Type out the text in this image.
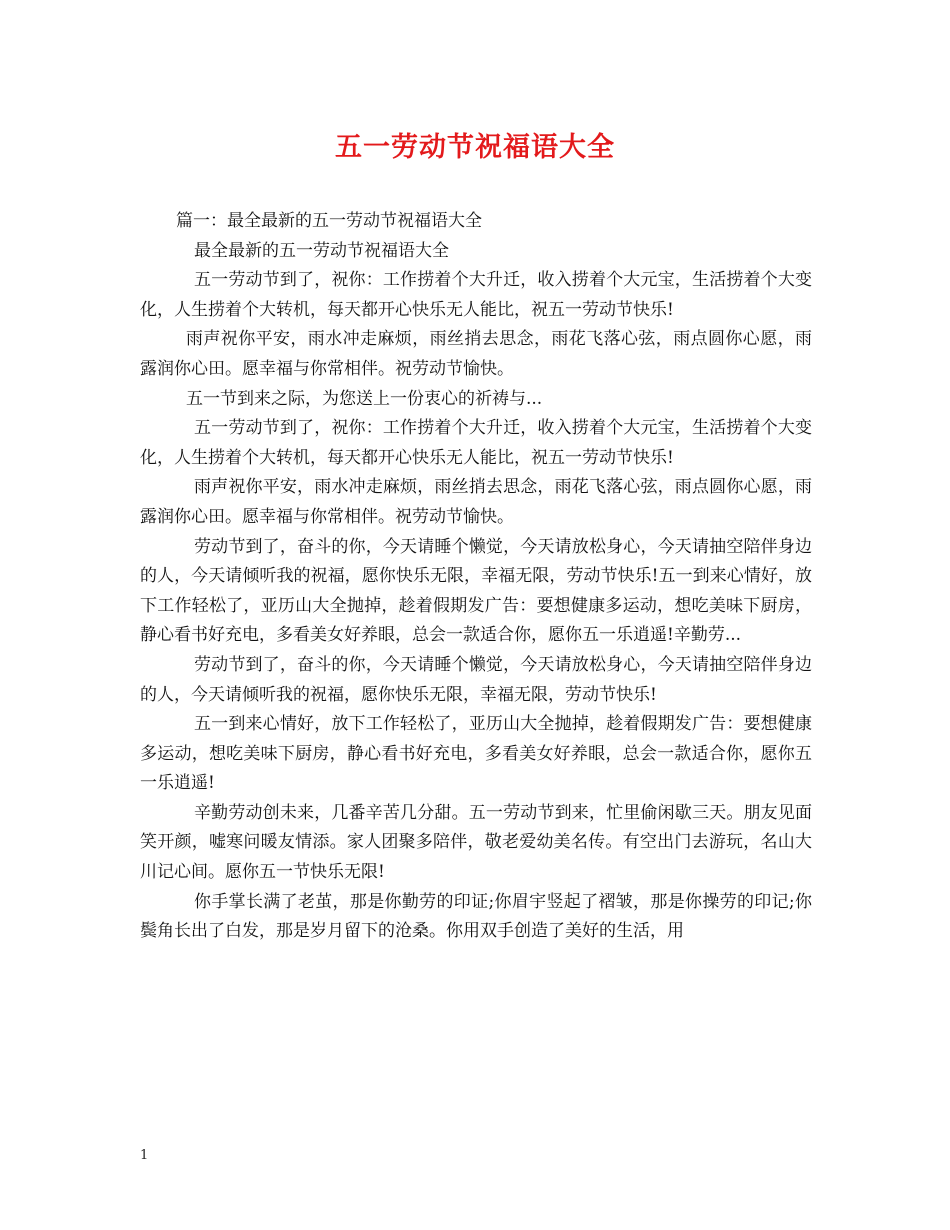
五一劳动节祝福语大全

篇一：最全最新的五一劳动节祝福语大全

最全最新的五一劳动节祝福语大全

五一劳动节到了，祝你：工作捞着个大升迁，收入捞着个大元宝，生活捞着个大变化，人生捞着个大转机，每天都开心快乐无人能比，祝五一劳动节快乐!

雨声祝你平安，雨水冲走麻烦，雨丝捎去思念，雨花飞落心弦，雨点圆你心愿，雨露润你心田。愿幸福与你常相伴。祝劳动节愉快。

五一节到来之际，为您送上一份衷心的祈祷与...

五一劳动节到了，祝你：工作捞着个大升迁，收入捞着个大元宝，生活捞着个大变化，人生捞着个大转机，每天都开心快乐无人能比，祝五一劳动节快乐!

雨声祝你平安，雨水冲走麻烦，雨丝捎去思念，雨花飞落心弦，雨点圆你心愿，雨露润你心田。愿幸福与你常相伴。祝劳动节愉快。

劳动节到了，奋斗的你，今天请睡个懒觉，今天请放松身心，今天请抽空陪伴身边的人，今天请倾听我的祝福，愿你快乐无限，幸福无限，劳动节快乐!五一到来心情好，放下工作轻松了，亚历山大全抛掉，趁着假期发广告：要想健康多运动，想吃美味下厨房，静心看书好充电，多看美女好养眼，总会一款适合你，愿你五一乐逍遥!辛勤劳...

劳动节到了，奋斗的你，今天请睡个懒觉，今天请放松身心，今天请抽空陪伴身边的人，今天请倾听我的祝福，愿你快乐无限，幸福无限，劳动节快乐!

五一到来心情好，放下工作轻松了，亚历山大全抛掉，趁着假期发广告：要想健康多运动，想吃美味下厨房，静心看书好充电，多看美女好养眼，总会一款适合你，愿你五一乐逍遥!

辛勤劳动创未来，几番辛苦几分甜。五一劳动节到来，忙里偷闲歇三天。朋友见面笑开颜，嘘寒问暖友情添。家人团聚多陪伴，敬老爱幼美名传。有空出门去游玩，名山大川记心间。愿你五一节快乐无限!

你手掌长满了老茧，那是你勤劳的印证;你眉宇竖起了褶皱，那是你操劳的印记;你鬓角长出了白发，那是岁月留下的沧桑。你用双手创造了美好的生活，用

1
